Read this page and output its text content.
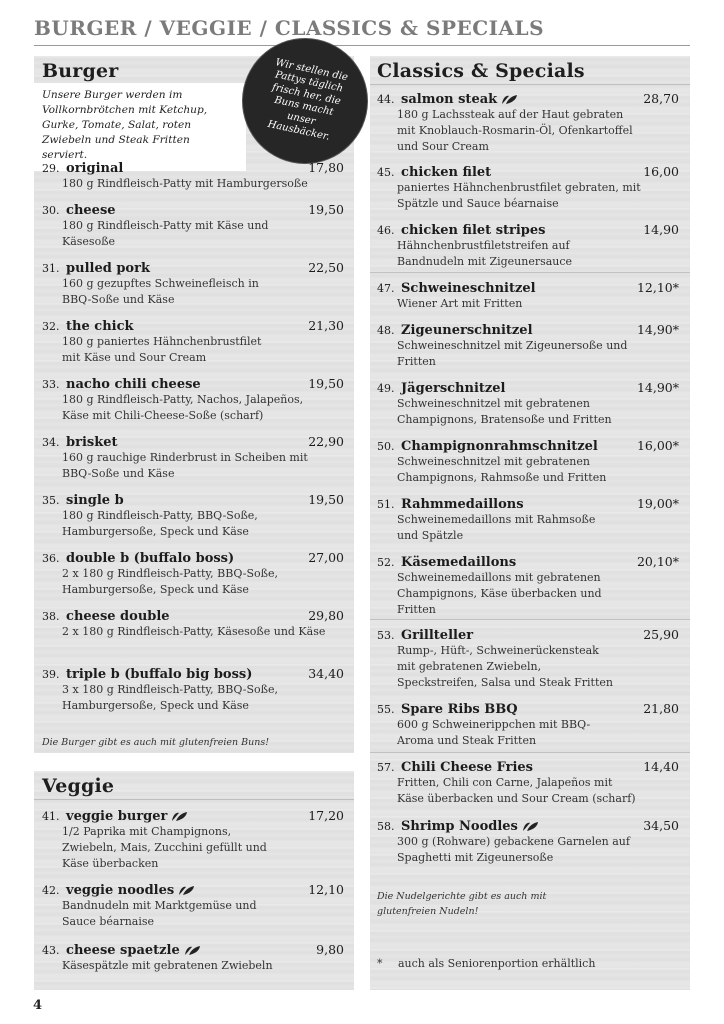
BURGER / VEGGIE / CLASSICS & SPECIALS
Burger
Unsere Burger werden im Vollkornbrötchen mit Ketchup, Gurke, Tomate, Salat, roten Zwiebeln und Steak Fritten serviert.
Wir stellen die Pattys täglich frisch her, die Buns macht unser Hausbäcker.
29. original	17,80
180 g Rindfleisch-Patty mit Hamburgersoße
30. cheese	19,50
180 g Rindfleisch-Patty mit Käse und Käsesoße
31. pulled pork	22,50
160 g gezupftes Schweinefleisch in BBQ-Soße und Käse
32. the chick	21,30
180 g paniertes Hähnchenbrustfilet mit Käse und Sour Cream
33. nacho chili cheese	19,50
180 g Rindfleisch-Patty, Nachos, Jalapeños, Käse mit Chili-Cheese-Soße (scharf)
34. brisket	22,90
160 g rauchige Rinderbrust in Scheiben mit BBQ-Soße und Käse
35. single b	19,50
180 g Rindfleisch-Patty, BBQ-Soße, Hamburgersoße, Speck und Käse
36. double b (buffalo boss)	27,00
2 x 180 g Rindfleisch-Patty, BBQ-Soße, Hamburgersoße, Speck und Käse
38. cheese double	29,80
2 x 180 g Rindfleisch-Patty, Käsesoße und Käse
39. triple b (buffalo big boss)	34,40
3 x 180 g Rindfleisch-Patty, BBQ-Soße, Hamburgersoße, Speck und Käse
Die Burger gibt es auch mit glutenfreien Buns!
Veggie
41. veggie burger	17,20
1/2 Paprika mit Champignons, Zwiebeln, Mais, Zucchini gefüllt und Käse überbacken
42. veggie noodles	12,10
Bandnudeln mit Marktgemüse und Sauce béarnaise
43. cheese spaetzle	9,80
Käsespätzle mit gebratenen Zwiebeln
Classics & Specials
44. salmon steak	28,70
180 g Lachssteak auf der Haut gebraten mit Knoblauch-Rosmarin-Öl, Ofenkartoffel und Sour Cream
45. chicken filet	16,00
paniertes Hähnchenbrustfilet gebraten, mit Spätzle und Sauce béarnaise
46. chicken filet stripes	14,90
Hähnchenbrustfiletstreifen auf Bandnudeln mit Zigeunersauce
47. Schweineschnitzel	12,10*
Wiener Art mit Fritten
48. Zigeunerschnitzel	14,90*
Schweineschnitzel mit Zigeunersoße und Fritten
49. Jägerschnitzel	14,90*
Schweineschnitzel mit gebratenen Champignons, Bratensoße und Fritten
50. Champignonrahmschnitzel	16,00*
Schweineschnitzel mit gebratenen Champignons, Rahmsoße und Fritten
51. Rahmmedaillons	19,00*
Schweinemedaillons mit Rahmsoße und Spätzle
52. Käsemedaillons	20,10*
Schweinemedaillons mit gebratenen Champignons, Käse überbacken und Fritten
53. Grillteller	25,90
Rump-, Hüft-, Schweinerückensteak mit gebratenen Zwiebeln, Speckstreifen, Salsa und Steak Fritten
55. Spare Ribs BBQ	21,80
600 g Schweinerippchen mit BBQ-Aroma und Steak Fritten
57. Chili Cheese Fries	14,40
Fritten, Chili con Carne, Jalapeños mit Käse überbacken und Sour Cream (scharf)
58. Shrimp Noodles	34,50
300 g (Rohware) gebackene Garnelen auf Spaghetti mit Zigeunersoße
Die Nudelgerichte gibt es auch mit glutenfreien Nudeln!
* auch als Seniorenportion erhältlich
4
